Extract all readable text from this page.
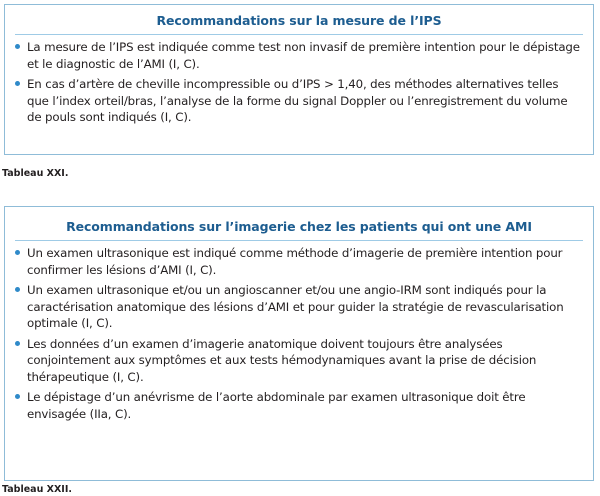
Recommandations sur la mesure de l’IPS
La mesure de l’IPS est indiquée comme test non invasif de première intention pour le dépistage et le diagnostic de l’AMI (I, C).
En cas d’artère de cheville incompressible ou d’IPS > 1,40, des méthodes alternatives telles que l’index orteil/bras, l’analyse de la forme du signal Doppler ou l’enregistrement du volume de pouls sont indiqués (I, C).
Tableau XXI.
Recommandations sur l’imagerie chez les patients qui ont une AMI
Un examen ultrasonique est indiqué comme méthode d’imagerie de première intention pour confirmer les lésions d’AMI (I, C).
Un examen ultrasonique et/ou un angioscanner et/ou une angio-IRM sont indiqués pour la caractérisation anatomique des lésions d’AMI et pour guider la stratégie de revascularisation optimale (I, C).
Les données d’un examen d’imagerie anatomique doivent toujours être analysées conjointement aux symptômes et aux tests hémodynamiques avant la prise de décision thérapeutique (I, C).
Le dépistage d’un anévrisme de l’aorte abdominale par examen ultrasonique doit être envisagée (IIa, C).
Tableau XXII.
